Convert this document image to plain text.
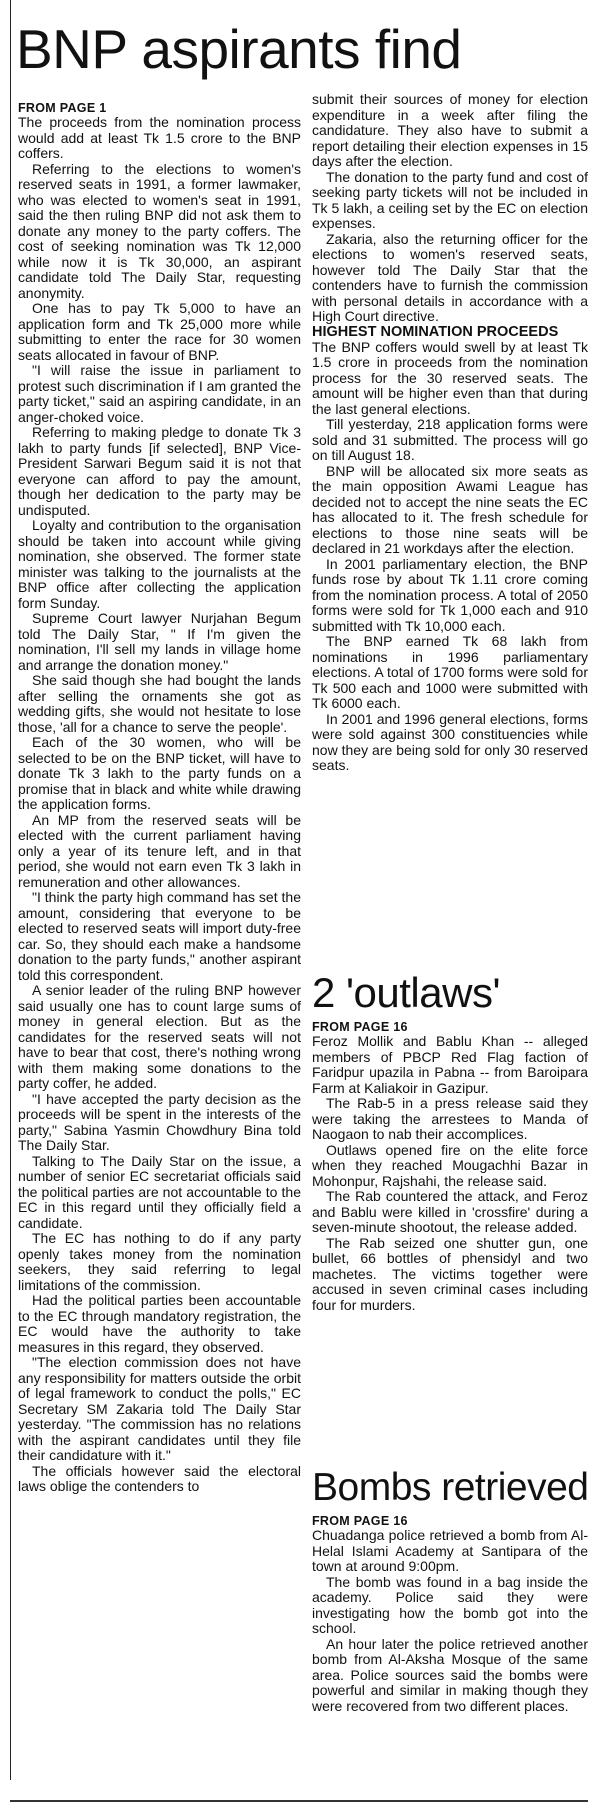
BNP aspirants find
FROM PAGE 1

The proceeds from the nomination process would add at least Tk 1.5 crore to the BNP coffers.

Referring to the elections to women's reserved seats in 1991, a former lawmaker, who was elected to women's seat in 1991, said the then ruling BNP did not ask them to donate any money to the party coffers. The cost of seeking nomination was Tk 12,000 while now it is Tk 30,000, an aspirant candidate told The Daily Star, requesting anonymity.

One has to pay Tk 5,000 to have an application form and Tk 25,000 more while submitting to enter the race for 30 women seats allocated in favour of BNP.

"I will raise the issue in parliament to protest such discrimination if I am granted the party ticket," said an aspiring candidate, in an anger-choked voice.

Referring to making pledge to donate Tk 3 lakh to party funds [if selected], BNP Vice-President Sarwari Begum said it is not that everyone can afford to pay the amount, though her dedication to the party may be undisputed.

Loyalty and contribution to the organisation should be taken into account while giving nomination, she observed. The former state minister was talking to the journalists at the BNP office after collecting the application form Sunday.

Supreme Court lawyer Nurjahan Begum told The Daily Star, " If I'm given the nomination, I'll sell my lands in village home and arrange the donation money."

She said though she had bought the lands after selling the ornaments she got as wedding gifts, she would not hesitate to lose those, 'all for a chance to serve the people'.

Each of the 30 women, who will be selected to be on the BNP ticket, will have to donate Tk 3 lakh to the party funds on a promise that in black and white while drawing the application forms.

An MP from the reserved seats will be elected with the current parliament having only a year of its tenure left, and in that period, she would not earn even Tk 3 lakh in remuneration and other allowances.

"I think the party high command has set the amount, considering that everyone to be elected to reserved seats will import duty-free car. So, they should each make a handsome donation to the party funds," another aspirant told this correspondent.

A senior leader of the ruling BNP however said usually one has to count large sums of money in general election. But as the candidates for the reserved seats will not have to bear that cost, there's nothing wrong with them making some donations to the party coffer, he added.

"I have accepted the party decision as the proceeds will be spent in the interests of the party," Sabina Yasmin Chowdhury Bina told The Daily Star.

Talking to The Daily Star on the issue, a number of senior EC secretariat officials said the political parties are not accountable to the EC in this regard until they officially field a candidate.

The EC has nothing to do if any party openly takes money from the nomination seekers, they said referring to legal limitations of the commission.

Had the political parties been accountable to the EC through mandatory registration, the EC would have the authority to take measures in this regard, they observed.

"The election commission does not have any responsibility for matters outside the orbit of legal framework to conduct the polls," EC Secretary SM Zakaria told The Daily Star yesterday. "The commission has no relations with the aspirant candidates until they file their candidature with it."

The officials however said the electoral laws oblige the contenders to

submit their sources of money for election expenditure in a week after filing the candidature. They also have to submit a report detailing their election expenses in 15 days after the election.

The donation to the party fund and cost of seeking party tickets will not be included in Tk 5 lakh, a ceiling set by the EC on election expenses.

Zakaria, also the returning officer for the elections to women's reserved seats, however told The Daily Star that the contenders have to furnish the commission with personal details in accordance with a High Court directive.

HIGHEST NOMINATION PROCEEDS

The BNP coffers would swell by at least Tk 1.5 crore in proceeds from the nomination process for the 30 reserved seats. The amount will be higher even than that during the last general elections.

Till yesterday, 218 application forms were sold and 31 submitted. The process will go on till August 18.

BNP will be allocated six more seats as the main opposition Awami League has decided not to accept the nine seats the EC has allocated to it. The fresh schedule for elections to those nine seats will be declared in 21 workdays after the election.

In 2001 parliamentary election, the BNP funds rose by about Tk 1.11 crore coming from the nomination process. A total of 2050 forms were sold for Tk 1,000 each and 910 submitted with Tk 10,000 each.

The BNP earned Tk 68 lakh from nominations in 1996 parliamentary elections. A total of 1700 forms were sold for Tk 500 each and 1000 were submitted with Tk 6000 each.

In 2001 and 1996 general elections, forms were sold against 300 constituencies while now they are being sold for only 30 reserved seats.

2 'outlaws'
FROM PAGE 16

Feroz Mollik and Bablu Khan -- alleged members of PBCP Red Flag faction of Faridpur upazila in Pabna -- from Baroipara Farm at Kaliakoir in Gazipur.

The Rab-5 in a press release said they were taking the arrestees to Manda of Naogaon to nab their accomplices.

Outlaws opened fire on the elite force when they reached Mougachhi Bazar in Mohonpur, Rajshahi, the release said.

The Rab countered the attack, and Feroz and Bablu were killed in 'crossfire' during a seven-minute shootout, the release added.

The Rab seized one shutter gun, one bullet, 66 bottles of phensidyl and two machetes. The victims together were accused in seven criminal cases including four for murders.

Bombs retrieved
FROM PAGE 16

Chuadanga police retrieved a bomb from Al-Helal Islami Academy at Santipara of the town at around 9:00pm.

The bomb was found in a bag inside the academy. Police said they were investigating how the bomb got into the school.

An hour later the police retrieved another bomb from Al-Aksha Mosque of the same area. Police sources said the bombs were powerful and similar in making though they were recovered from two different places.
